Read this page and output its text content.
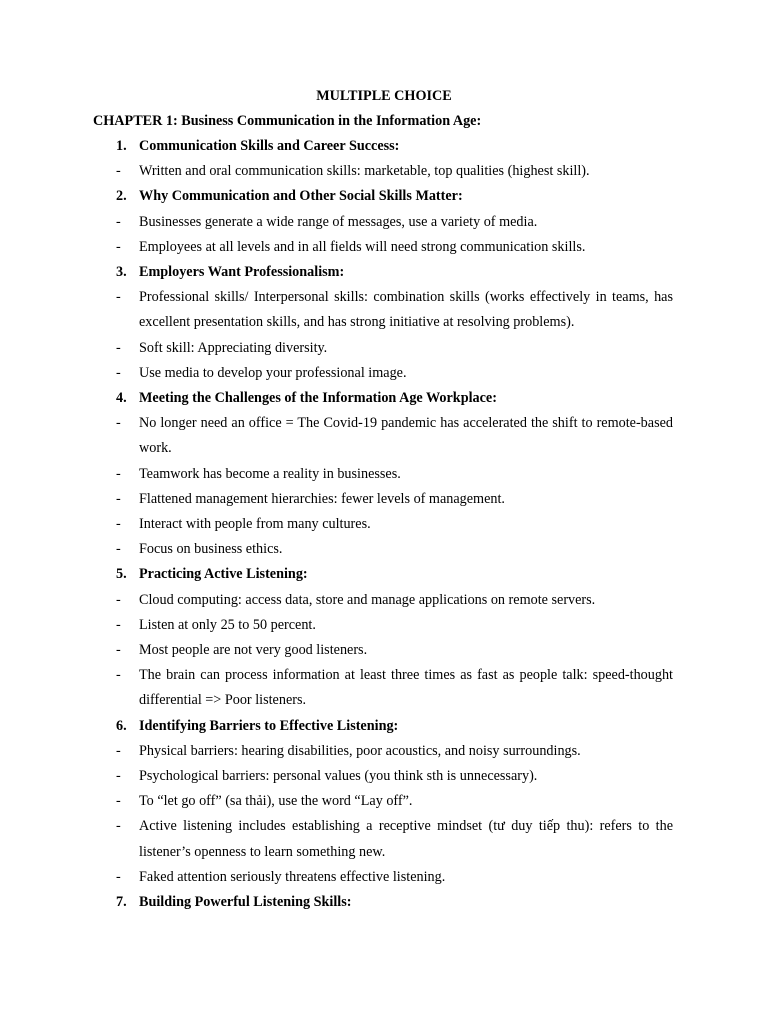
MULTIPLE CHOICE
CHAPTER 1: Business Communication in the Information Age:
1. Communication Skills and Career Success:
- Written and oral communication skills: marketable, top qualities (highest skill).
2. Why Communication and Other Social Skills Matter:
- Businesses generate a wide range of messages, use a variety of media.
- Employees at all levels and in all fields will need strong communication skills.
3. Employers Want Professionalism:
- Professional skills/ Interpersonal skills: combination skills (works effectively in teams, has excellent presentation skills, and has strong initiative at resolving problems).
- Soft skill: Appreciating diversity.
- Use media to develop your professional image.
4. Meeting the Challenges of the Information Age Workplace:
- No longer need an office = The Covid-19 pandemic has accelerated the shift to remote-based work.
- Teamwork has become a reality in businesses.
- Flattened management hierarchies: fewer levels of management.
- Interact with people from many cultures.
- Focus on business ethics.
5. Practicing Active Listening:
- Cloud computing: access data, store and manage applications on remote servers.
- Listen at only 25 to 50 percent.
- Most people are not very good listeners.
- The brain can process information at least three times as fast as people talk: speed-thought differential => Poor listeners.
6. Identifying Barriers to Effective Listening:
- Physical barriers: hearing disabilities, poor acoustics, and noisy surroundings.
- Psychological barriers: personal values (you think sth is unnecessary).
- To “let go off” (sa thải), use the word “Lay off”.
- Active listening includes establishing a receptive mindset (tư duy tiếp thu): refers to the listener’s openness to learn something new.
- Faked attention seriously threatens effective listening.
7. Building Powerful Listening Skills:
